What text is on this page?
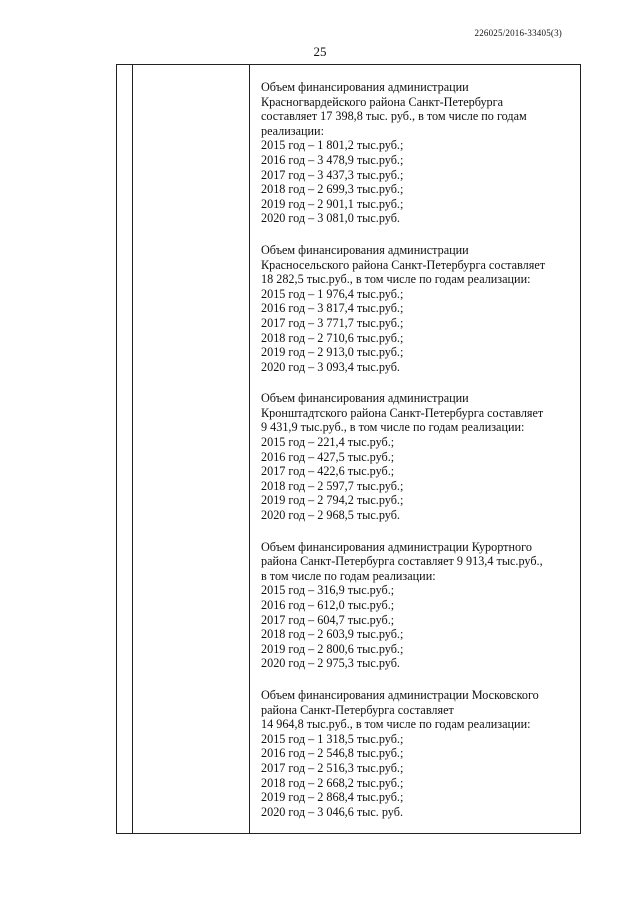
226025/2016-33405(3)
25

Объем финансирования администрации

Красногвардейского района Санкт-Петербурга

составляет 17 398,8 тыс. руб., в том числе по годам

реализации:

2015 год – 1 801,2 тыс.руб.;

2016 год – 3 478,9 тыс.руб.;

2017 год – 3 437,3 тыс.руб.;

2018 год – 2 699,3 тыс.руб.;

2019 год – 2 901,1 тыс.руб.;

2020 год – 3 081,0 тыс.руб.

Объем финансирования администрации

Красносельского района Санкт-Петербурга составляет

18 282,5 тыс.руб., в том числе по годам реализации:

2015 год – 1 976,4 тыс.руб.;

2016 год – 3 817,4 тыс.руб.;

2017 год – 3 771,7 тыс.руб.;

2018 год – 2 710,6 тыс.руб.;

2019 год – 2 913,0 тыс.руб.;

2020 год – 3 093,4 тыс.руб.

Объем финансирования администрации

Кронштадтского района Санкт-Петербурга составляет

9 431,9 тыс.руб., в том числе по годам реализации:

2015 год – 221,4 тыс.руб.;

2016 год – 427,5 тыс.руб.;

2017 год – 422,6 тыс.руб.;

2018 год – 2 597,7 тыс.руб.;

2019 год – 2 794,2 тыс.руб.;

2020 год – 2 968,5 тыс.руб.

Объем финансирования администрации Курортного

района Санкт-Петербурга составляет 9 913,4 тыс.руб.,

в том числе по годам реализации:

2015 год – 316,9 тыс.руб.;

2016 год – 612,0 тыс.руб.;

2017 год – 604,7 тыс.руб.;

2018 год – 2 603,9 тыс.руб.;

2019 год – 2 800,6 тыс.руб.;

2020 год – 2 975,3 тыс.руб.

Объем финансирования администрации Московского

района Санкт-Петербурга составляет

14 964,8 тыс.руб., в том числе по годам реализации:

2015 год – 1 318,5 тыс.руб.;

2016 год – 2 546,8 тыс.руб.;

2017 год – 2 516,3 тыс.руб.;

2018 год – 2 668,2 тыс.руб.;

2019 год – 2 868,4 тыс.руб.;

2020 год – 3 046,6 тыс. руб.
